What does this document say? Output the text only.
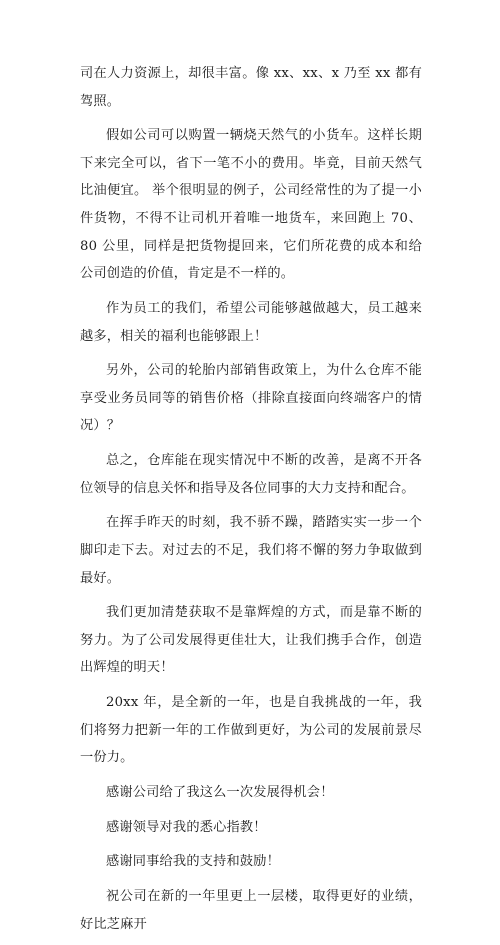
司在人力资源上，却很丰富。像 xx、xx、x 乃至 xx 都有驾照。

假如公司可以购置一辆烧天然气的小货车。这样长期下来完全可以，省下一笔不小的费用。毕竟，目前天然气比油便宜。 举个很明显的例子，公司经常性的为了提一小件货物，不得不让司机开着唯一地货车，来回跑上 70、80 公里，同样是把货物提回来，它们所花费的成本和给公司创造的价值，肯定是不一样的。

作为员工的我们，希望公司能够越做越大，员工越来越多，相关的福利也能够跟上！

另外，公司的轮胎内部销售政策上，为什么仓库不能享受业务员同等的销售价格（排除直接面向终端客户的情况）？

总之，仓库能在现实情况中不断的改善，是离不开各位领导的信息关怀和指导及各位同事的大力支持和配合。

在挥手昨天的时刻，我不骄不躁，踏踏实实一步一个脚印走下去。对过去的不足，我们将不懈的努力争取做到最好。

我们更加清楚获取不是靠辉煌的方式，而是靠不断的努力。为了公司发展得更佳壮大，让我们携手合作，创造出辉煌的明天！

20xx 年，是全新的一年，也是自我挑战的一年，我们将努力把新一年的工作做到更好，为公司的发展前景尽一份力。

感谢公司给了我这么一次发展得机会！

感谢领导对我的悉心指教！

感谢同事给我的支持和鼓励！

祝公司在新的一年里更上一层楼，取得更好的业绩，好比芝麻开
